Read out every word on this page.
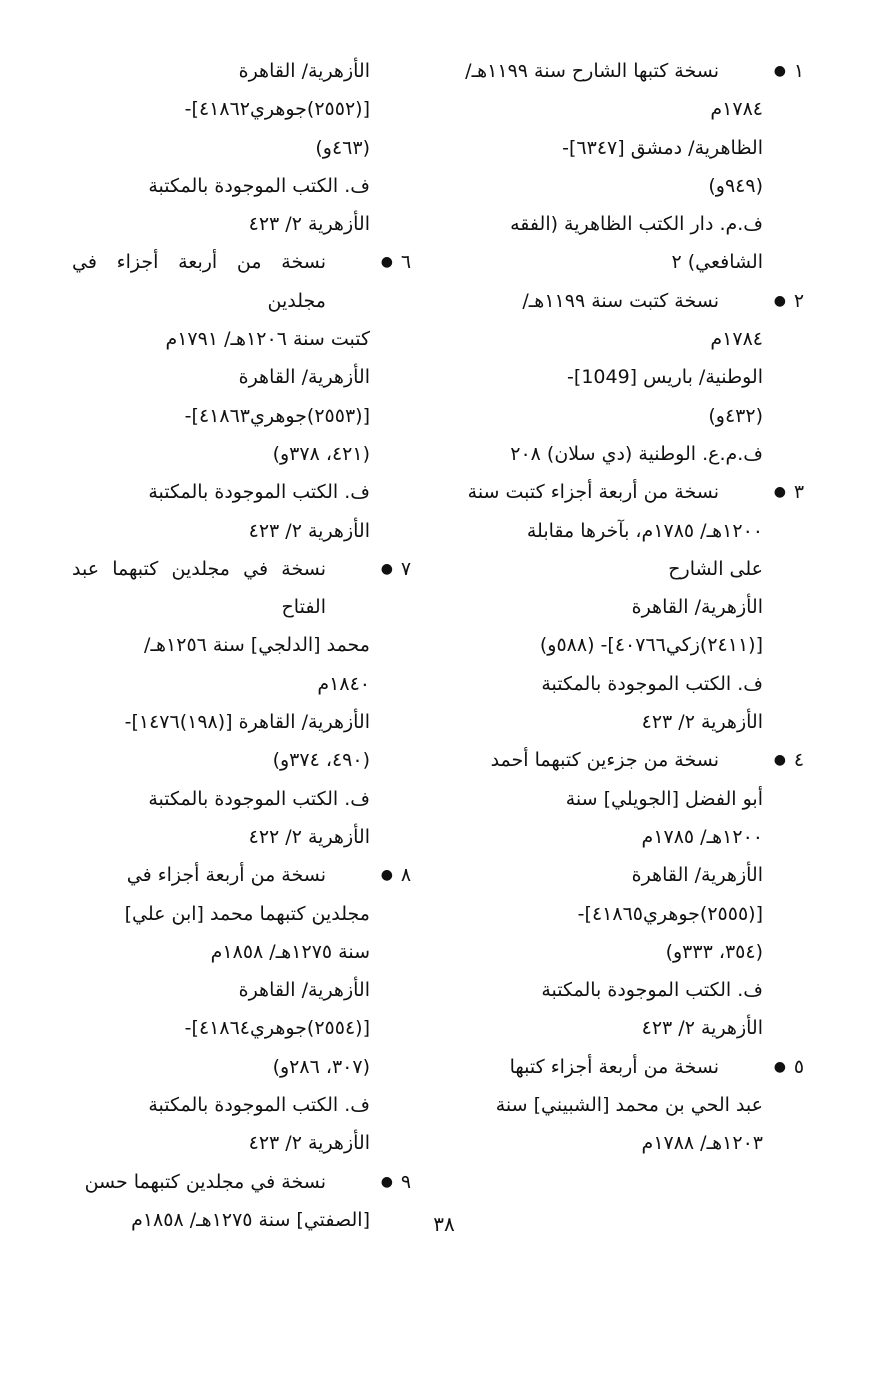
١
●
نسخة كتبها الشارح سنة ١١٩٩هـ/
١٧٨٤م
الظاهرية/ دمشق [٦٣٤٧]-
(٩٤٩و)
ف.م. دار الكتب الظاهرية (الفقه
الشافعي) ٢
٢
●
نسخة كتبت سنة ١١٩٩هـ/
١٧٨٤م
الوطنية/ باريس [1049]-
(٤٣٢و)
ف.م.ع. الوطنية (دي سلان) ٢٠٨
٣
●
نسخة من أربعة أجزاء كتبت سنة
١٢٠٠هـ/ ١٧٨٥م، بآخرها مقابلة
على الشارح
الأزهرية/ القاهرة
[(٢٤١١)زكي٤٠٧٦٦]- (٥٨٨و)
ف. الكتب الموجودة بالمكتبة
الأزهرية ٢/ ٤٢٣
٤
●
نسخة من جزءين كتبهما أحمد
أبو الفضل [الجويلي] سنة
١٢٠٠هـ/ ١٧٨٥م
الأزهرية/ القاهرة
[(٢٥٥٥)جوهري٤١٨٦٥]-
(٣٥٤، ٣٣٣و)
ف. الكتب الموجودة بالمكتبة
الأزهرية ٢/ ٤٢٣
٥
●
نسخة من أربعة أجزاء كتبها
عبد الحي بن محمد [الشبيني] سنة
١٢٠٣هـ/ ١٧٨٨م
الأزهرية/ القاهرة
[(٢٥٥٢)جوهري٤١٨٦٢]-
(٤٦٣و)
ف. الكتب الموجودة بالمكتبة
الأزهرية ٢/ ٤٢٣
٦
●
نسخة من أربعة أجزاء في مجلدين
كتبت سنة ١٢٠٦هـ/ ١٧٩١م
الأزهرية/ القاهرة
[(٢٥٥٣)جوهري٤١٨٦٣]-
(٤٢١، ٣٧٨و)
ف. الكتب الموجودة بالمكتبة
الأزهرية ٢/ ٤٢٣
٧
●
نسخة في مجلدين كتبهما عبد الفتاح
محمد [الدلجي] سنة ١٢٥٦هـ/
١٨٤٠م
الأزهرية/ القاهرة [(١٩٨)١٤٧٦]-
(٤٩٠، ٣٧٤و)
ف. الكتب الموجودة بالمكتبة
الأزهرية ٢/ ٤٢٢
٨
●
نسخة من أربعة أجزاء في
مجلدين كتبهما محمد [ابن علي]
سنة ١٢٧٥هـ/ ١٨٥٨م
الأزهرية/ القاهرة
[(٢٥٥٤)جوهري٤١٨٦٤]-
(٣٠٧، ٢٨٦و)
ف. الكتب الموجودة بالمكتبة
الأزهرية ٢/ ٤٢٣
٩
●
نسخة في مجلدين كتبهما حسن
[الصفتي] سنة ١٢٧٥هـ/ ١٨٥٨م	٣٨
